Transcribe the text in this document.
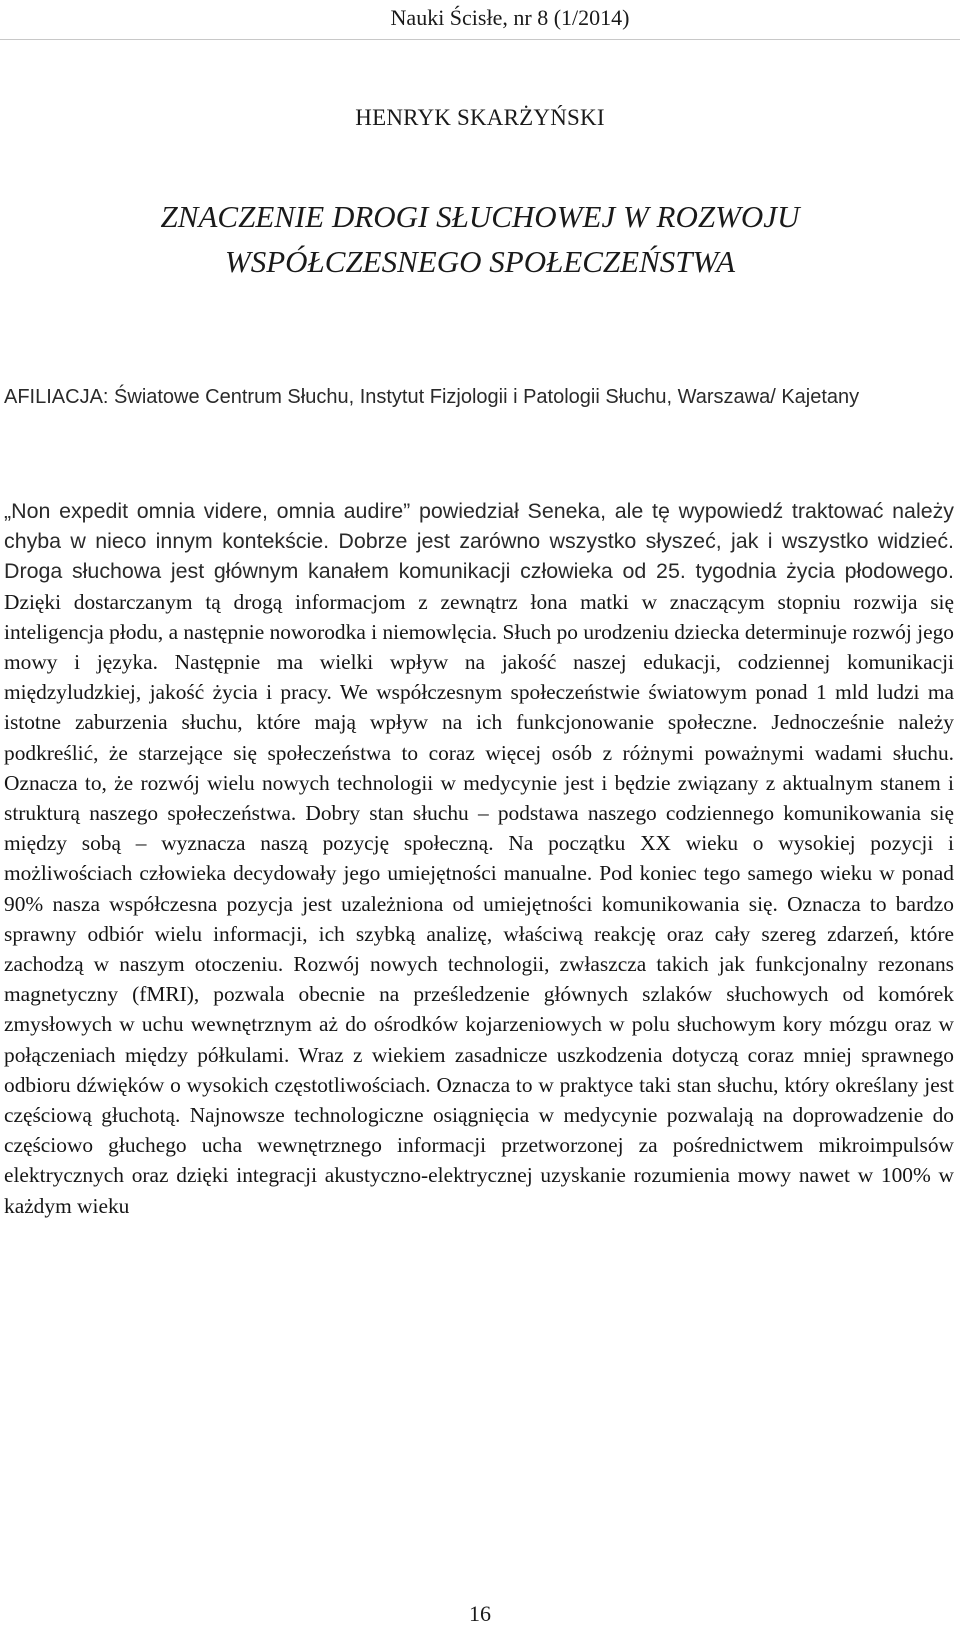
Nauki Ścisłe, nr 8 (1/2014)
HENRYK SKARŻYŃSKI
ZNACZENIE DROGI SŁUCHOWEJ W ROZWOJU
WSPÓŁCZESNEGO SPOŁECZEŃSTWA
AFILIACJA: Światowe Centrum Słuchu, Instytut Fizjologii i Patologii Słuchu, Warszawa/ Kajetany
„Non expedit omnia videre, omnia audire” powiedział Seneka, ale tę wypowiedź traktować należy chyba w nieco innym kontekście. Dobrze jest zarówno wszystko słyszeć, jak i wszystko widzieć. Droga słuchowa jest głównym kanałem komunikacji człowieka od 25. tygodnia życia płodowego. Dzięki dostarczanym tą drogą informacjom z zewnątrz łona matki w znaczącym stopniu rozwija się inteligencja płodu, a następnie noworodka i niemowlęcia. Słuch po urodzeniu dziecka determinuje rozwój jego mowy i języka. Następnie ma wielki wpływ na jakość naszej edukacji, codziennej komunikacji międzyludzkiej, jakość życia i pracy. We współczesnym społeczeństwie światowym ponad 1 mld ludzi ma istotne zaburzenia słuchu, które mają wpływ na ich funkcjonowanie społeczne. Jednocześnie należy podkreślić, że starzejące się społeczeństwa to coraz więcej osób z różnymi poważnymi wadami słuchu. Oznacza to, że rozwój wielu nowych technologii w medycynie jest i będzie związany z aktualnym stanem i strukturą naszego społeczeństwa. Dobry stan słuchu – podstawa naszego codziennego komunikowania się między sobą – wyznacza naszą pozycję społeczną. Na początku XX wieku o wysokiej pozycji i możliwościach człowieka decydowały jego umiejętności manualne. Pod koniec tego samego wieku w ponad 90% nasza współczesna pozycja jest uzależniona od umiejętności komunikowania się. Oznacza to bardzo sprawny odbiór wielu informacji, ich szybką analizę, właściwą reakcję oraz cały szereg zdarzeń, które zachodzą w naszym otoczeniu. Rozwój nowych technologii, zwłaszcza takich jak funkcjonalny rezonans magnetyczny (fMRI), pozwala obecnie na prześledzenie głównych szlaków słuchowych od komórek zmysłowych w uchu wewnętrznym aż do ośrodków kojarzeniowych w polu słuchowym kory mózgu oraz w połączeniach między półkulami. Wraz z wiekiem zasadnicze uszkodzenia dotyczą coraz mniej sprawnego odbioru dźwięków o wysokich częstotliwościach. Oznacza to w praktyce taki stan słuchu, który określany jest częściową głuchotą. Najnowsze technologiczne osiągnięcia w medycynie pozwalają na doprowadzenie do częściowo głuchego ucha wewnętrznego informacji przetworzonej za pośrednictwem mikroimpulsów elektrycznych oraz dzięki integracji akustyczno-elektrycznej uzyskanie rozumienia mowy nawet w 100% w każdym wieku
16
